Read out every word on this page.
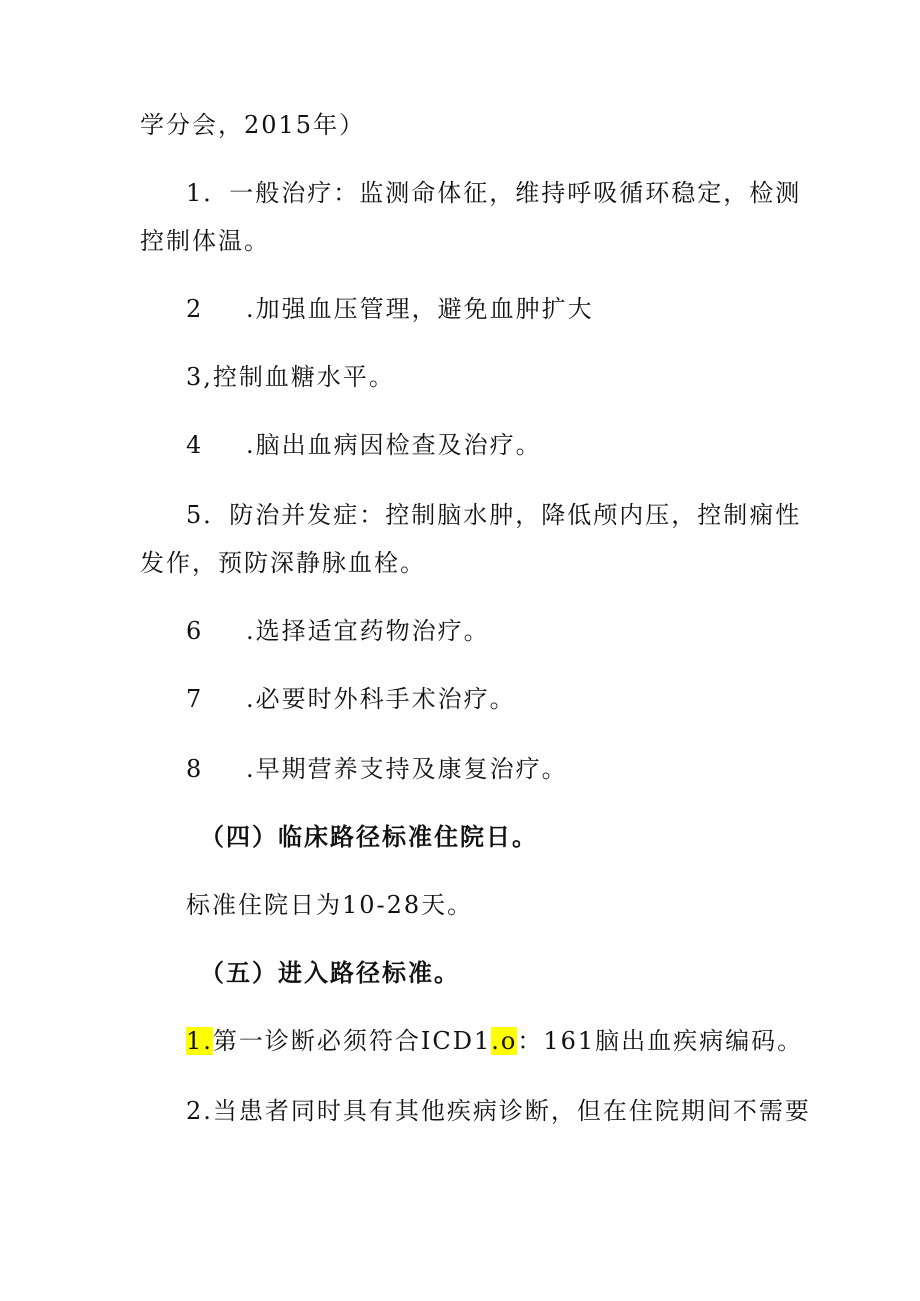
学分会，2015年）
1．一般治疗：监测命体征，维持呼吸循环稳定，检测
控制体温。
2 .加强血压管理，避免血肿扩大
3,控制血糖水平。
4 .脑出血病因检查及治疗。
5．防治并发症：控制脑水肿，降低颅内压，控制痫性
发作，预防深静脉血栓。
6 .选择适宜药物治疗。
7 .必要时外科手术治疗。
8 .早期营养支持及康复治疗。
（四）临床路径标准住院日。
标准住院日为10-28天。
（五）进入路径标准。
1.第一诊断必须符合ICD1.o：161脑出血疾病编码。
2.当患者同时具有其他疾病诊断，但在住院期间不需要
